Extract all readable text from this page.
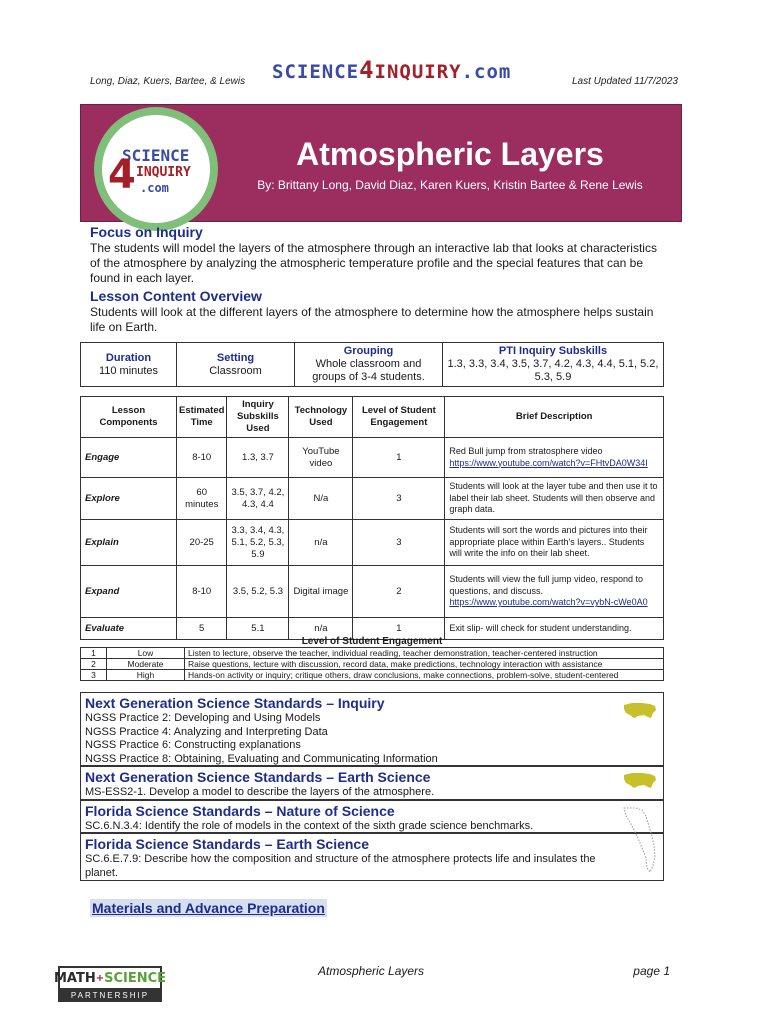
Long, Diaz, Kuers, Bartee, & Lewis SCIENCE4INQUIRY.com	Last Updated 11/7/2023
SCIENCE
4 INQUIRY
.com
Atmospheric Layers
By: Brittany Long, David Diaz, Karen Kuers, Kristin Bartee & Rene Lewis
Focus on Inquiry
The students will model the layers of the atmosphere through an interactive lab that looks at characteristics of the atmosphere by analyzing the atmospheric temperature profile and the special features that can be found in each layer.
Lesson Content Overview
Students will look at the different layers of the atmosphere to determine how the atmosphere helps sustain life on Earth.
Duration
110 minutes

Setting
Classroom

Grouping
Whole classroom and groups of 3-4 students.

PTI Inquiry Subskills
1.3, 3.3, 3.4, 3.5, 3.7, 4.2, 4.3, 4.4, 5.1, 5.2, 5.3, 5.9
Lesson Components	Estimated Time	Inquiry Subskills Used	Technology Used	Level of Student Engagement	Brief Description
Engage	8-10	1.3, 3.7	YouTube video	1	Red Bull jump from stratosphere video
https://www.youtube.com/watch?v=FHtvDA0W34I

Explore	60 minutes	3.5, 3.7, 4.2, 4.3, 4.4	N/a	3	Students will look at the layer tube and then use it to label their lab sheet. Students will then observe and graph data.
Explain	20-25	3.3, 3.4, 4.3, 5.1, 5.2, 5.3, 5.9	n/a	3	Students will sort the words and pictures into their appropriate place within Earth's layers.. Students will write the info on their lab sheet.
Expand	8-10	3.5, 5.2, 5.3	Digital image	2	Students will view the full jump video, respond to questions, and discuss.
https://www.youtube.com/watch?v=vybN-cWe0A0

Evaluate	5	5.1	n/a	1	Exit slip- will check for student understanding.
Level of Student Engagement
1	Low	Listen to lecture, observe the teacher, individual reading, teacher demonstration, teacher-centered instruction
2	Moderate	Raise questions, lecture with discussion, record data, make predictions, technology interaction with assistance
3	High	Hands-on activity or inquiry; critique others, draw conclusions, make connections, problem-solve, student-centered
Next Generation Science Standards – Inquiry
NGSS Practice 2: Developing and Using Models
NGSS Practice 4: Analyzing and Interpreting Data
NGSS Practice 6: Constructing explanations
NGSS Practice 8: Obtaining, Evaluating and Communicating Information
Next Generation Science Standards – Earth Science
MS-ESS2-1. Develop a model to describe the layers of the atmosphere.
Florida Science Standards – Nature of Science
SC.6.N.3.4: Identify the role of models in the context of the sixth grade science benchmarks.
Florida Science Standards – Earth Science
SC.6.E.7.9: Describe how the composition and structure of the atmosphere protects life and insulates the planet.
Materials and Advance Preparation
MATH + SCIENCE
PARTNERSHIP
Atmospheric Layers	page 1
